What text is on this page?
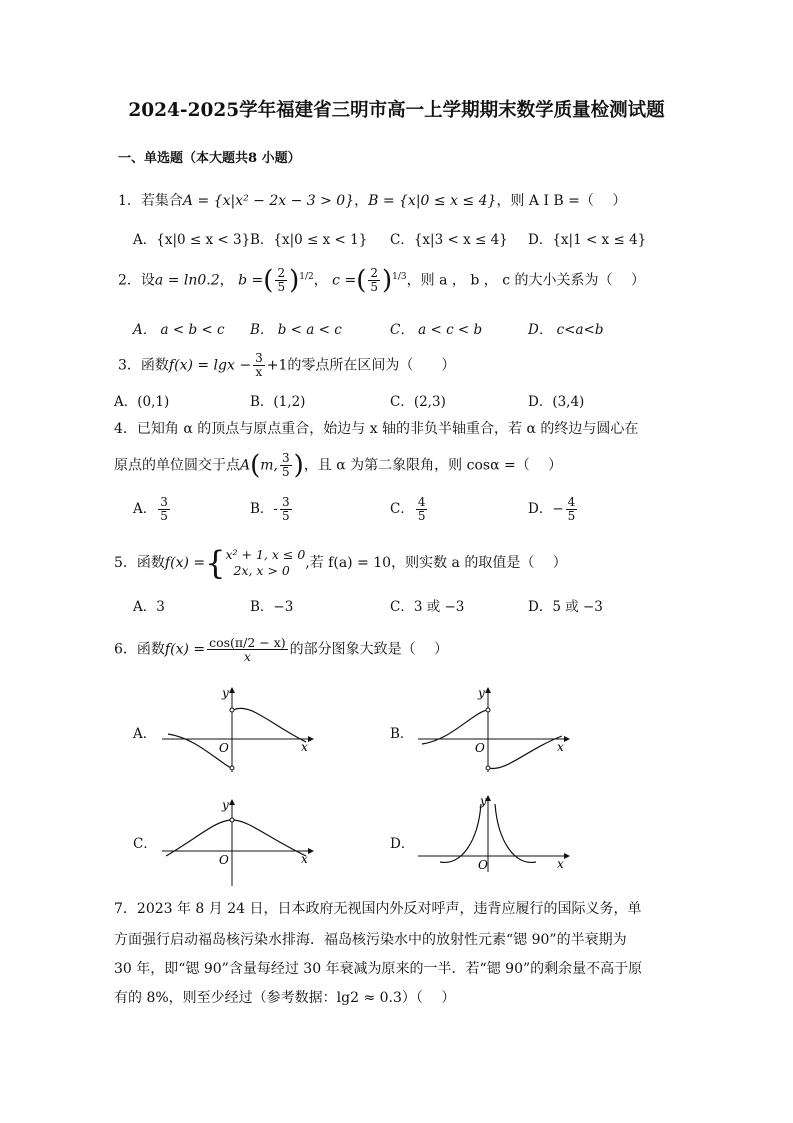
2024-2025学年福建省三明市高一上学期期末数学质量检测试题
一、单选题（本大题共8 小题）
1．若集合A = {x|x² − 2x − 3 > 0}，B = {x|0 ≤ x ≤ 4}，则 A I B =（　 ）
A．{x|0 ≤ x < 3} B．{x|0 ≤ x < 1} C．{x|3 < x ≤ 4} D．{x|1 < x ≤ 4}
2．设a = ln0.2， b =( $\frac{2}{5} )^{1/2}$， c =( $\frac{2}{5} )^{1/3}$，则 a ， b ， c 的大小关系为（　 ）
A． a < b < c B． b < a < c	C． a < c < b	D． c<a<b
3．函数$f(x) = \lg x - \frac{3}{x} +1$的零点所在区间为（　　）
A．(0,1)	B．(1,2)	C．(2,3)	D．(3,4)
4．已知角 α 的顶点与原点重合，始边与 x 轴的非负半轴重合，若 α 的终边与圆心在
原点的单位圆交于点A(m, $\frac{3}{5}$ )，且 α 为第二象限角，则 cosα =（　 ）
A． $\frac{3}{5}$	B．- $\frac{3}{5}$	C． $\frac{4}{5}$	D．− $\frac{4}{5}$
5．函数f(x) ={ x² + 1, x ≤ 0
2x, x > 0	,若 f(a) = 10，则实数 a 的取值是（　 ）
A．3	B．−3	C．3 或 −3	D．5 或 −3
6．函数$f(x) = \frac{\cos(\pi/2 - x)}{x}$ 的部分图象大致是（　 ）
A．
O	x
y
B．
O	x
y
C．
O	x
y
D．
O	x
y
7．2023 年 8 月 24 日，日本政府无视国内外反对呼声，违背应履行的国际义务，单
方面强行启动福岛核污染水排海．福岛核污染水中的放射性元素“锶 90”的半衰期为
30 年，即“锶 90”含量每经过 30 年衰减为原来的一半．若“锶 90”的剩余量不高于原
有的 8%，则至少经过（参考数据：lg2 ≈ 0.3）（　 ）
